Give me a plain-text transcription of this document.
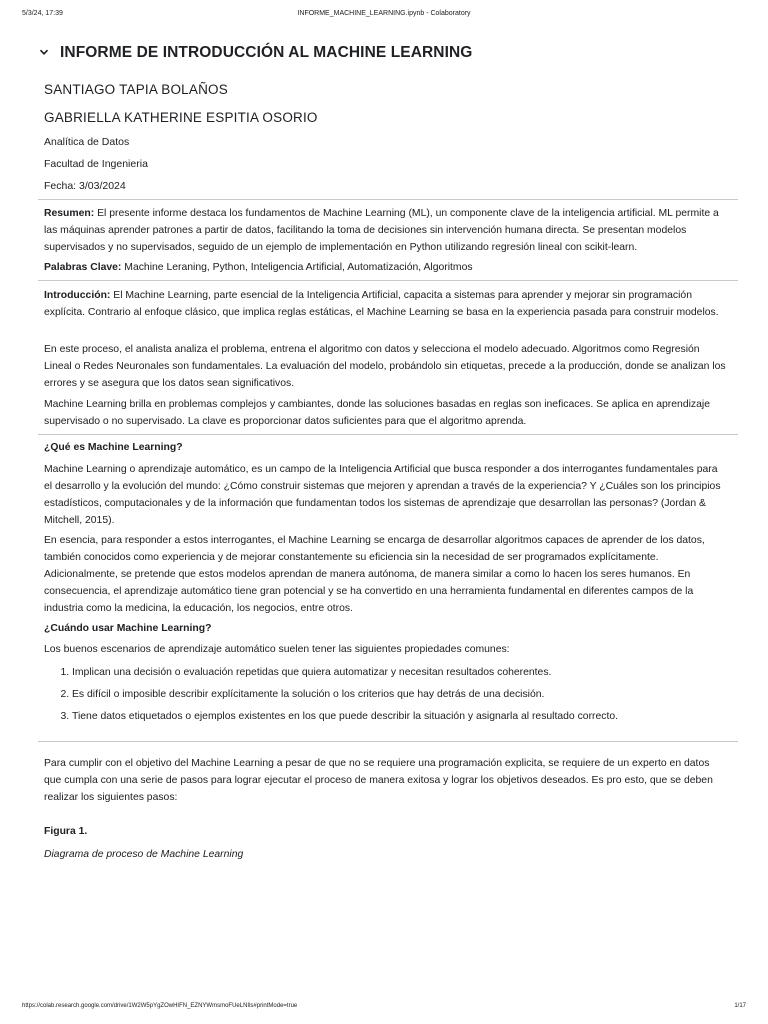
5/3/24, 17:39	INFORME_MACHINE_LEARNING.ipynb - Colaboratory
INFORME DE INTRODUCCIÓN AL MACHINE LEARNING
SANTIAGO TAPIA BOLAÑOS
GABRIELLA KATHERINE ESPITIA OSORIO
Analítica de Datos
Facultad de Ingenieria
Fecha: 3/03/2024

Resumen: El presente informe destaca los fundamentos de Machine Learning (ML), un componente clave de la inteligencia artificial. ML permite a las máquinas aprender patrones a partir de datos, facilitando la toma de decisiones sin intervención humana directa. Se presentan modelos supervisados y no supervisados, seguido de un ejemplo de implementación en Python utilizando regresión lineal con scikit-learn.

Palabras Clave: Machine Leraning, Python, Inteligencia Artificial, Automatización, Algoritmos

Introducción: El Machine Learning, parte esencial de la Inteligencia Artificial, capacita a sistemas para aprender y mejorar sin programación explícita. Contrario al enfoque clásico, que implica reglas estáticas, el Machine Learning se basa en la experiencia pasada para construir modelos.

En este proceso, el analista analiza el problema, entrena el algoritmo con datos y selecciona el modelo adecuado. Algoritmos como Regresión Lineal o Redes Neuronales son fundamentales. La evaluación del modelo, probándolo sin etiquetas, precede a la producción, donde se analizan los errores y se asegura que los datos sean significativos.

Machine Learning brilla en problemas complejos y cambiantes, donde las soluciones basadas en reglas son ineficaces. Se aplica en aprendizaje supervisado o no supervisado. La clave es proporcionar datos suficientes para que el algoritmo aprenda.

¿Qué es Machine Learning?

Machine Learning o aprendizaje automático, es un campo de la Inteligencia Artificial que busca responder a dos interrogantes fundamentales para el desarrollo y la evolución del mundo: ¿Cómo construir sistemas que mejoren y aprendan a través de la experiencia? Y ¿Cuáles son los principios estadísticos, computacionales y de la información que fundamentan todos los sistemas de aprendizaje que desarrollan las personas? (Jordan & Mitchell, 2015).

En esencia, para responder a estos interrogantes, el Machine Learning se encarga de desarrollar algoritmos capaces de aprender de los datos, también conocidos como experiencia y de mejorar constantemente su eficiencia sin la necesidad de ser programados explícitamente. Adicionalmente, se pretende que estos modelos aprendan de manera autónoma, de manera similar a como lo hacen los seres humanos. En consecuencia, el aprendizaje automático tiene gran potencial y se ha convertido en una herramienta fundamental en diferentes campos de la industria como la medicina, la educación, los negocios, entre otros.

¿Cuándo usar Machine Learning?

Los buenos escenarios de aprendizaje automático suelen tener las siguientes propiedades comunes:

1. Implican una decisión o evaluación repetidas que quiera automatizar y necesitan resultados coherentes.
2. Es difícil o imposible describir explícitamente la solución o los criterios que hay detrás de una decisión.
3. Tiene datos etiquetados o ejemplos existentes en los que puede describir la situación y asignarla al resultado correcto.

Para cumplir con el objetivo del Machine Learning a pesar de que no se requiere una programación explicita, se requiere de un experto en datos que cumpla con una serie de pasos para lograr ejecutar el proceso de manera exitosa y lograr los objetivos deseados. Es pro esto, que se deben realizar los siguientes pasos:

Figura 1.
Diagrama de proceso de Machine Learning
https://colab.research.google.com/drive/1W2W5pYgZOwHIFN_EZNYWmsmoFUeLNIls#printMode=true	1/17
